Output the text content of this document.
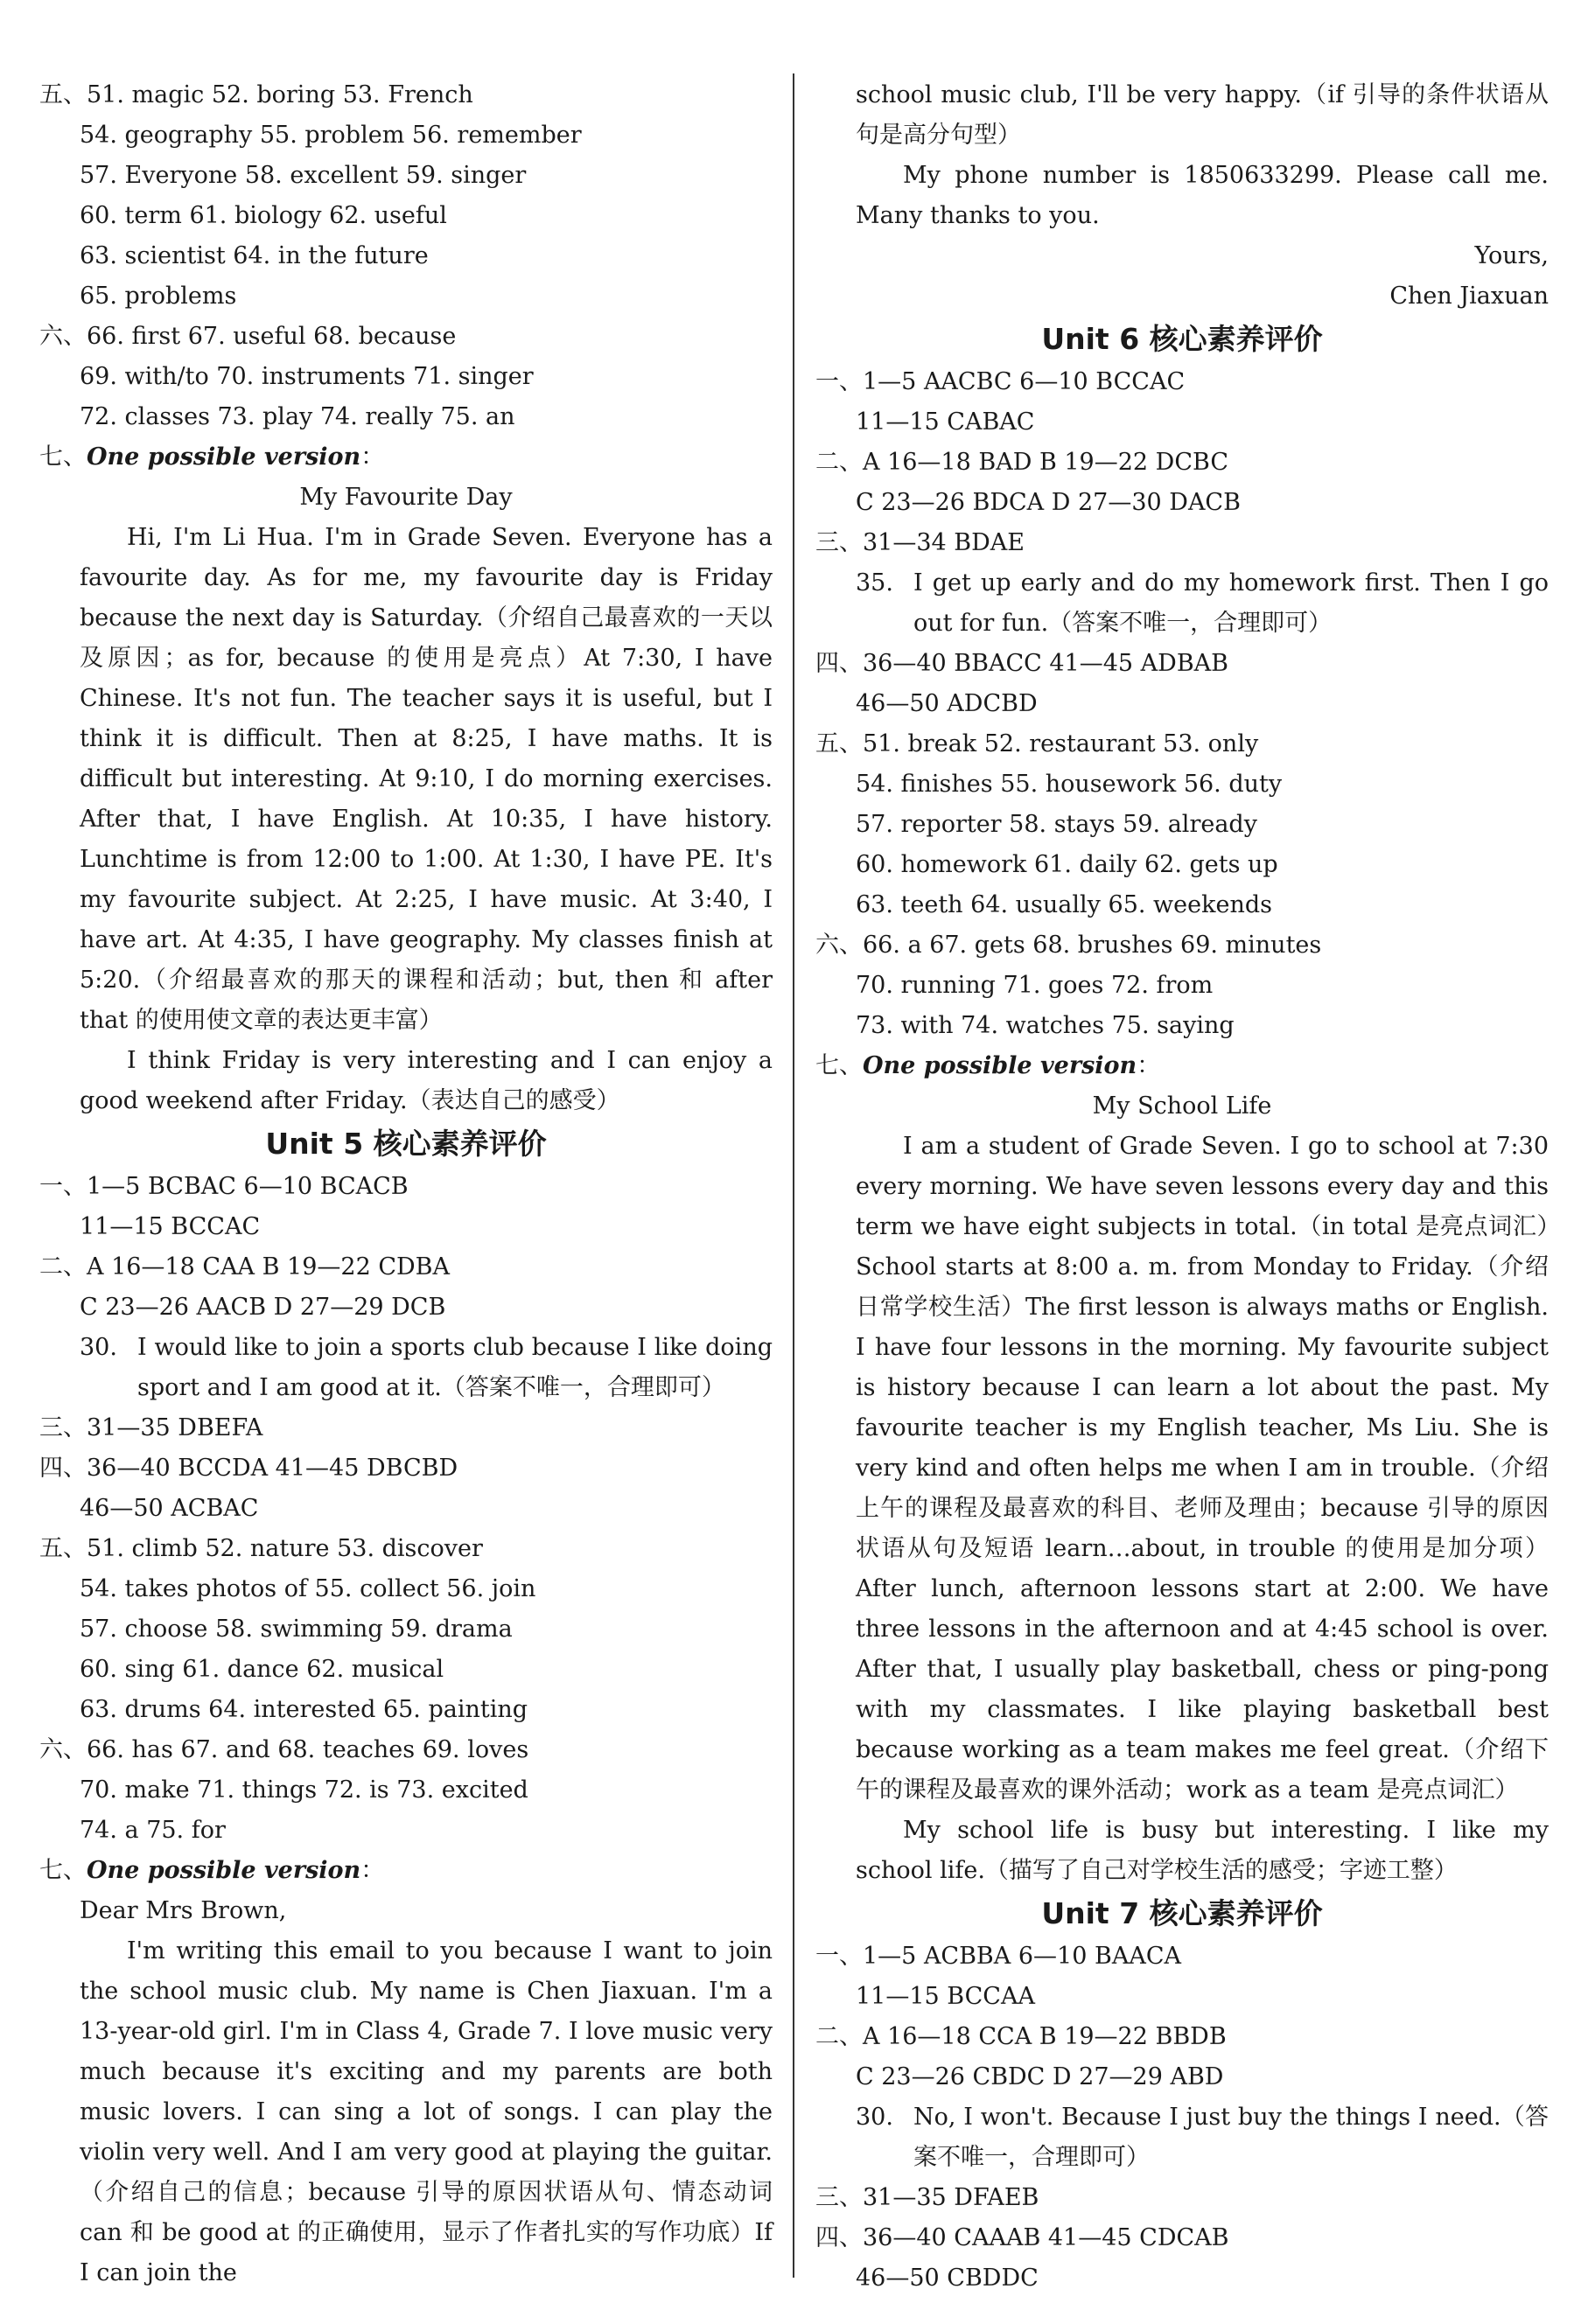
五、51. magic 52. boring 53. French
54. geography 55. problem 56. remember
57. Everyone 58. excellent 59. singer
60. term 61. biology 62. useful
63. scientist 64. in the future
65. problems
六、66. first 67. useful 68. because
69. with/to 70. instruments 71. singer
72. classes 73. play 74. really 75. an
七、One possible version：
My Favourite Day
Hi, I'm Li Hua. I'm in Grade Seven. Everyone has a favourite day. As for me, my favourite day is Friday because the next day is Saturday.（介绍自己最喜欢的一天以及原因；as for, because 的使用是亮点）At 7:30, I have Chinese. It's not fun. The teacher says it is useful, but I think it is difficult. Then at 8:25, I have maths. It is difficult but interesting. At 9:10, I do morning exercises. After that, I have English. At 10:35, I have history. Lunchtime is from 12:00 to 1:00. At 1:30, I have PE. It's my favourite subject. At 2:25, I have music. At 3:40, I have art. At 4:35, I have geography. My classes finish at 5:20.（介绍最喜欢的那天的课程和活动；but, then 和 after that 的使用使文章的表达更丰富）
I think Friday is very interesting and I can enjoy a good weekend after Friday.（表达自己的感受）
Unit 5 核心素养评价
一、1—5 BCBAC 6—10 BCACB
11—15 BCCAC
二、A 16—18 CAA B 19—22 CDBA
C 23—26 AACB D 27—29 DCB
30. I would like to join a sports club because I like doing sport and I am good at it.（答案不唯一，合理即可）
三、31—35 DBEFA
四、36—40 BCCDA 41—45 DBCBD
46—50 ACBAC
五、51. climb 52. nature 53. discover
54. takes photos of 55. collect 56. join
57. choose 58. swimming 59. drama
60. sing 61. dance 62. musical
63. drums 64. interested 65. painting
六、66. has 67. and 68. teaches 69. loves
70. make 71. things 72. is 73. excited
74. a 75. for
七、One possible version：
Dear Mrs Brown,
I'm writing this email to you because I want to join the school music club. My name is Chen Jiaxuan. I'm a 13-year-old girl. I'm in Class 4, Grade 7. I love music very much because it's exciting and my parents are both music lovers. I can sing a lot of songs. I can play the violin very well. And I am very good at playing the guitar.（介绍自己的信息；because 引导的原因状语从句、情态动词 can 和 be good at 的正确使用，显示了作者扎实的写作功底）If I can join the
school music club, I'll be very happy.（if 引导的条件状语从句是高分句型）
My phone number is 1850633299. Please call me. Many thanks to you.
Yours,
Chen Jiaxuan
Unit 6 核心素养评价
一、1—5 AACBC 6—10 BCCAC
11—15 CABAC
二、A 16—18 BAD B 19—22 DCBC
C 23—26 BDCA D 27—30 DACB
三、31—34 BDAE
35. I get up early and do my homework first. Then I go out for fun.（答案不唯一，合理即可）
四、36—40 BBACC 41—45 ADBAB
46—50 ADCBD
五、51. break 52. restaurant 53. only
54. finishes 55. housework 56. duty
57. reporter 58. stays 59. already
60. homework 61. daily 62. gets up
63. teeth 64. usually 65. weekends
六、66. a 67. gets 68. brushes 69. minutes
70. running 71. goes 72. from
73. with 74. watches 75. saying
七、One possible version：
My School Life
I am a student of Grade Seven. I go to school at 7:30 every morning. We have seven lessons every day and this term we have eight subjects in total.（in total 是亮点词汇）School starts at 8:00 a. m. from Monday to Friday.（介绍日常学校生活）The first lesson is always maths or English. I have four lessons in the morning. My favourite subject is history because I can learn a lot about the past. My favourite teacher is my English teacher, Ms Liu. She is very kind and often helps me when I am in trouble.（介绍上午的课程及最喜欢的科目、老师及理由；because 引导的原因状语从句及短语 learn…about, in trouble 的使用是加分项）After lunch, afternoon lessons start at 2:00. We have three lessons in the afternoon and at 4:45 school is over. After that, I usually play basketball, chess or ping-pong with my classmates. I like playing basketball best because working as a team makes me feel great.（介绍下午的课程及最喜欢的课外活动；work as a team 是亮点词汇）
My school life is busy but interesting. I like my school life.（描写了自己对学校生活的感受；字迹工整）
Unit 7 核心素养评价
一、1—5 ACBBA 6—10 BAACA
11—15 BCCAA
二、A 16—18 CCA B 19—22 BBDB
C 23—26 CBDC D 27—29 ABD
30. No, I won't. Because I just buy the things I need.（答案不唯一，合理即可）
三、31—35 DFAEB
四、36—40 CAAAB 41—45 CDCAB
46—50 CBDDC
